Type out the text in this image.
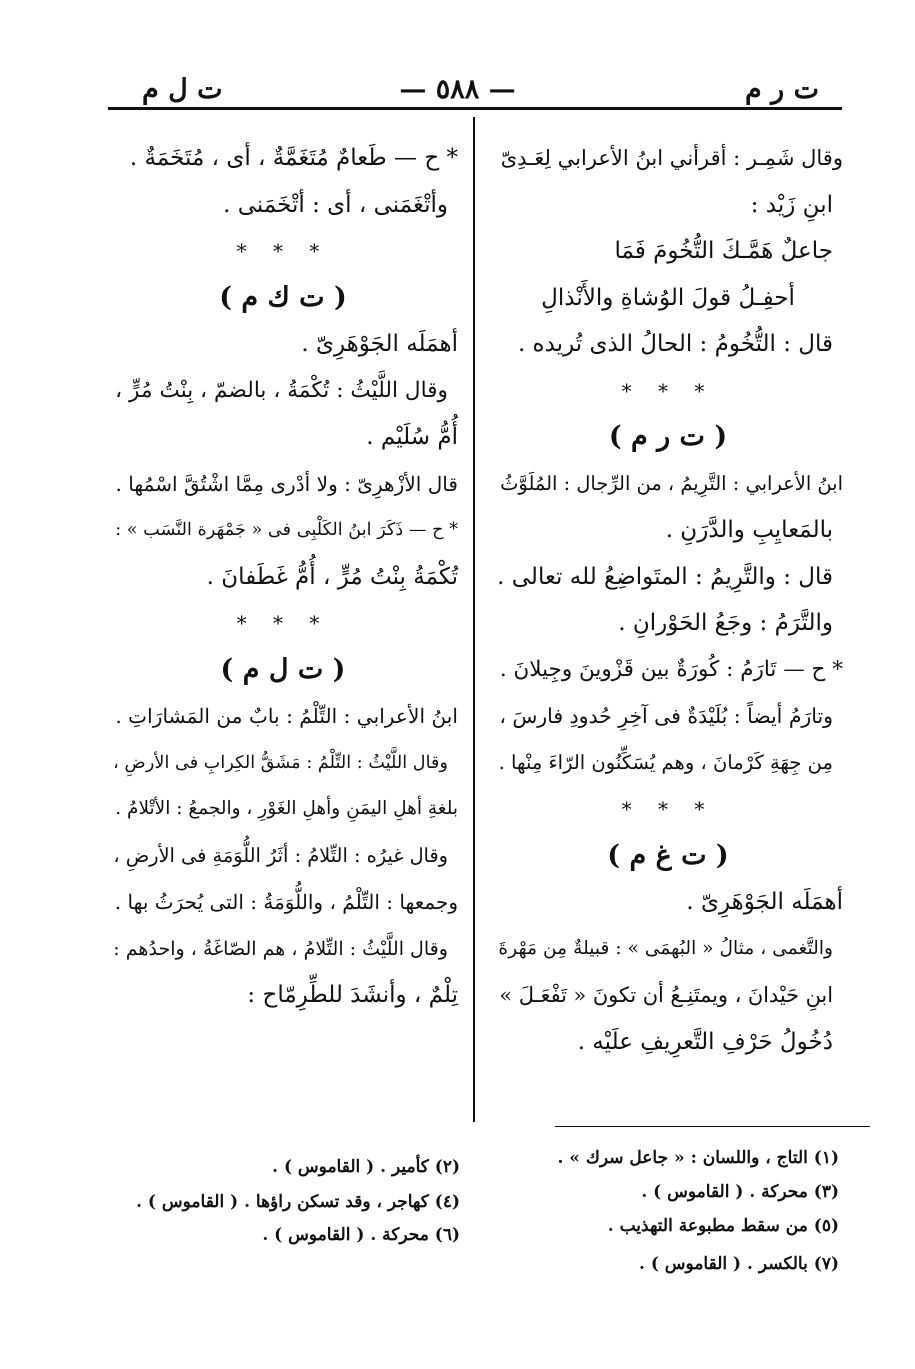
ت ر م
— ٥٨٨ —
ت ل م

وقال شَمِـر : أقرأني ابنُ الأعرابي لِعَـدِىّ

ابنِ زَيْد :

جاعلٌ هَمَّـكَ التُّخُومَ فَمَا

أحفِـلُ قولَ الوُشاةِ والأَنْذالِ

قال : التُّخُومُ : الحالُ الذى تُريده .

* * *

( ت ر م )

ابنُ الأعرابي : التَّرِيمُ ، من الرِّجال : المُلَوَّثُ

بالمَعايِبِ والدَّرَنِ .

قال : والتَّرِيمُ : المتَواضِعُ لله تعالى .

والتَّرَمُ : وجَعُ الحَوْرانِ .

* ح — تَارَمُ : كُورَةٌ بين قَزْوينَ وجِيلانَ .

وتارَمُ أيضاً : بُلَيْدَةٌ فى آخِرِ حُدودِ فارسَ ،

مِن جِهَةِ كَرْمانَ ، وهم يُسَكِّنُون الرّاءَ مِنْها .

* * *

( ت غ م )

أهمَلَه الجَوْهَرِىّ .

والتَّغمى ، مثالُ « البُهمَى » : قبيلةٌ مِن مَهْرةَ

ابنِ حَيْدانَ ، ويمتَنِـعُ أن تكونَ « تَفْعَـلَ »

دُخُولُ حَرْفِ التَّعرِيفِ علَيْه .

* ح — طَعامٌ مُتَغَمَّةٌ ، أى ، مُتَخَمَةٌ .

وأتْغَمَنى ، أى : أتْخَمَنى .

* * *

( ت ك م )

أهمَلَه الجَوْهَرِىّ .

وقال اللَّيْثُ : تُكْمَةُ ، بالضمّ ، بِنْتُ مُرٍّ ،

أُمُّ سُلَيْم .

قال الأزْهرِىّ : ولا أدْرى مِمَّا اشْتُقَّ اسْمُها .

* ح — ذَكَرَ ابنُ الكَلْبِى فى « جَمْهَرة النَّسَب » :

تُكْمَةُ بِنْتُ مُرٍّ ، أُمُّ غَطَفانَ .

* * *

( ت ل م )

ابنُ الأعرابي : التِّلْمُ : بابٌ من المَشارَاتِ .

وقال اللَّيْثُ : التِّلْمُ : مَشَقُّ الكِرابِ فى الأرضِ ،

بلغةِ أهلِ اليمَنِ وأهلِ الغَوْرِ ، والجمعُ : الأتْلامُ .

وقال غيرُه : التِّلامُ : أثَرُ اللُّوَمَةِ فى الأرضِ ،

وجمعها : التِّلْمُ ، واللُّوَمَةُ : التى يُحرَثُ بها .

وقال اللَّيْثُ : التِّلامُ ، هم الصّاغَةُ ، واحدُهم :

تِلْمٌ ، وأنشَدَ للطِّرِمّاح :

(١) التاج ، واللسان : « جاعل سرك » .
(٣) محركة . ( القاموس ) .
(٥) من سقط مطبوعة التهذيب .
(٧) بالكسر . ( القاموس ) .
(٢) كأمير . ( القاموس ) .
(٤) كهاجر ، وقد تسكن راؤها . ( القاموس ) .
(٦) محركة . ( القاموس ) .
